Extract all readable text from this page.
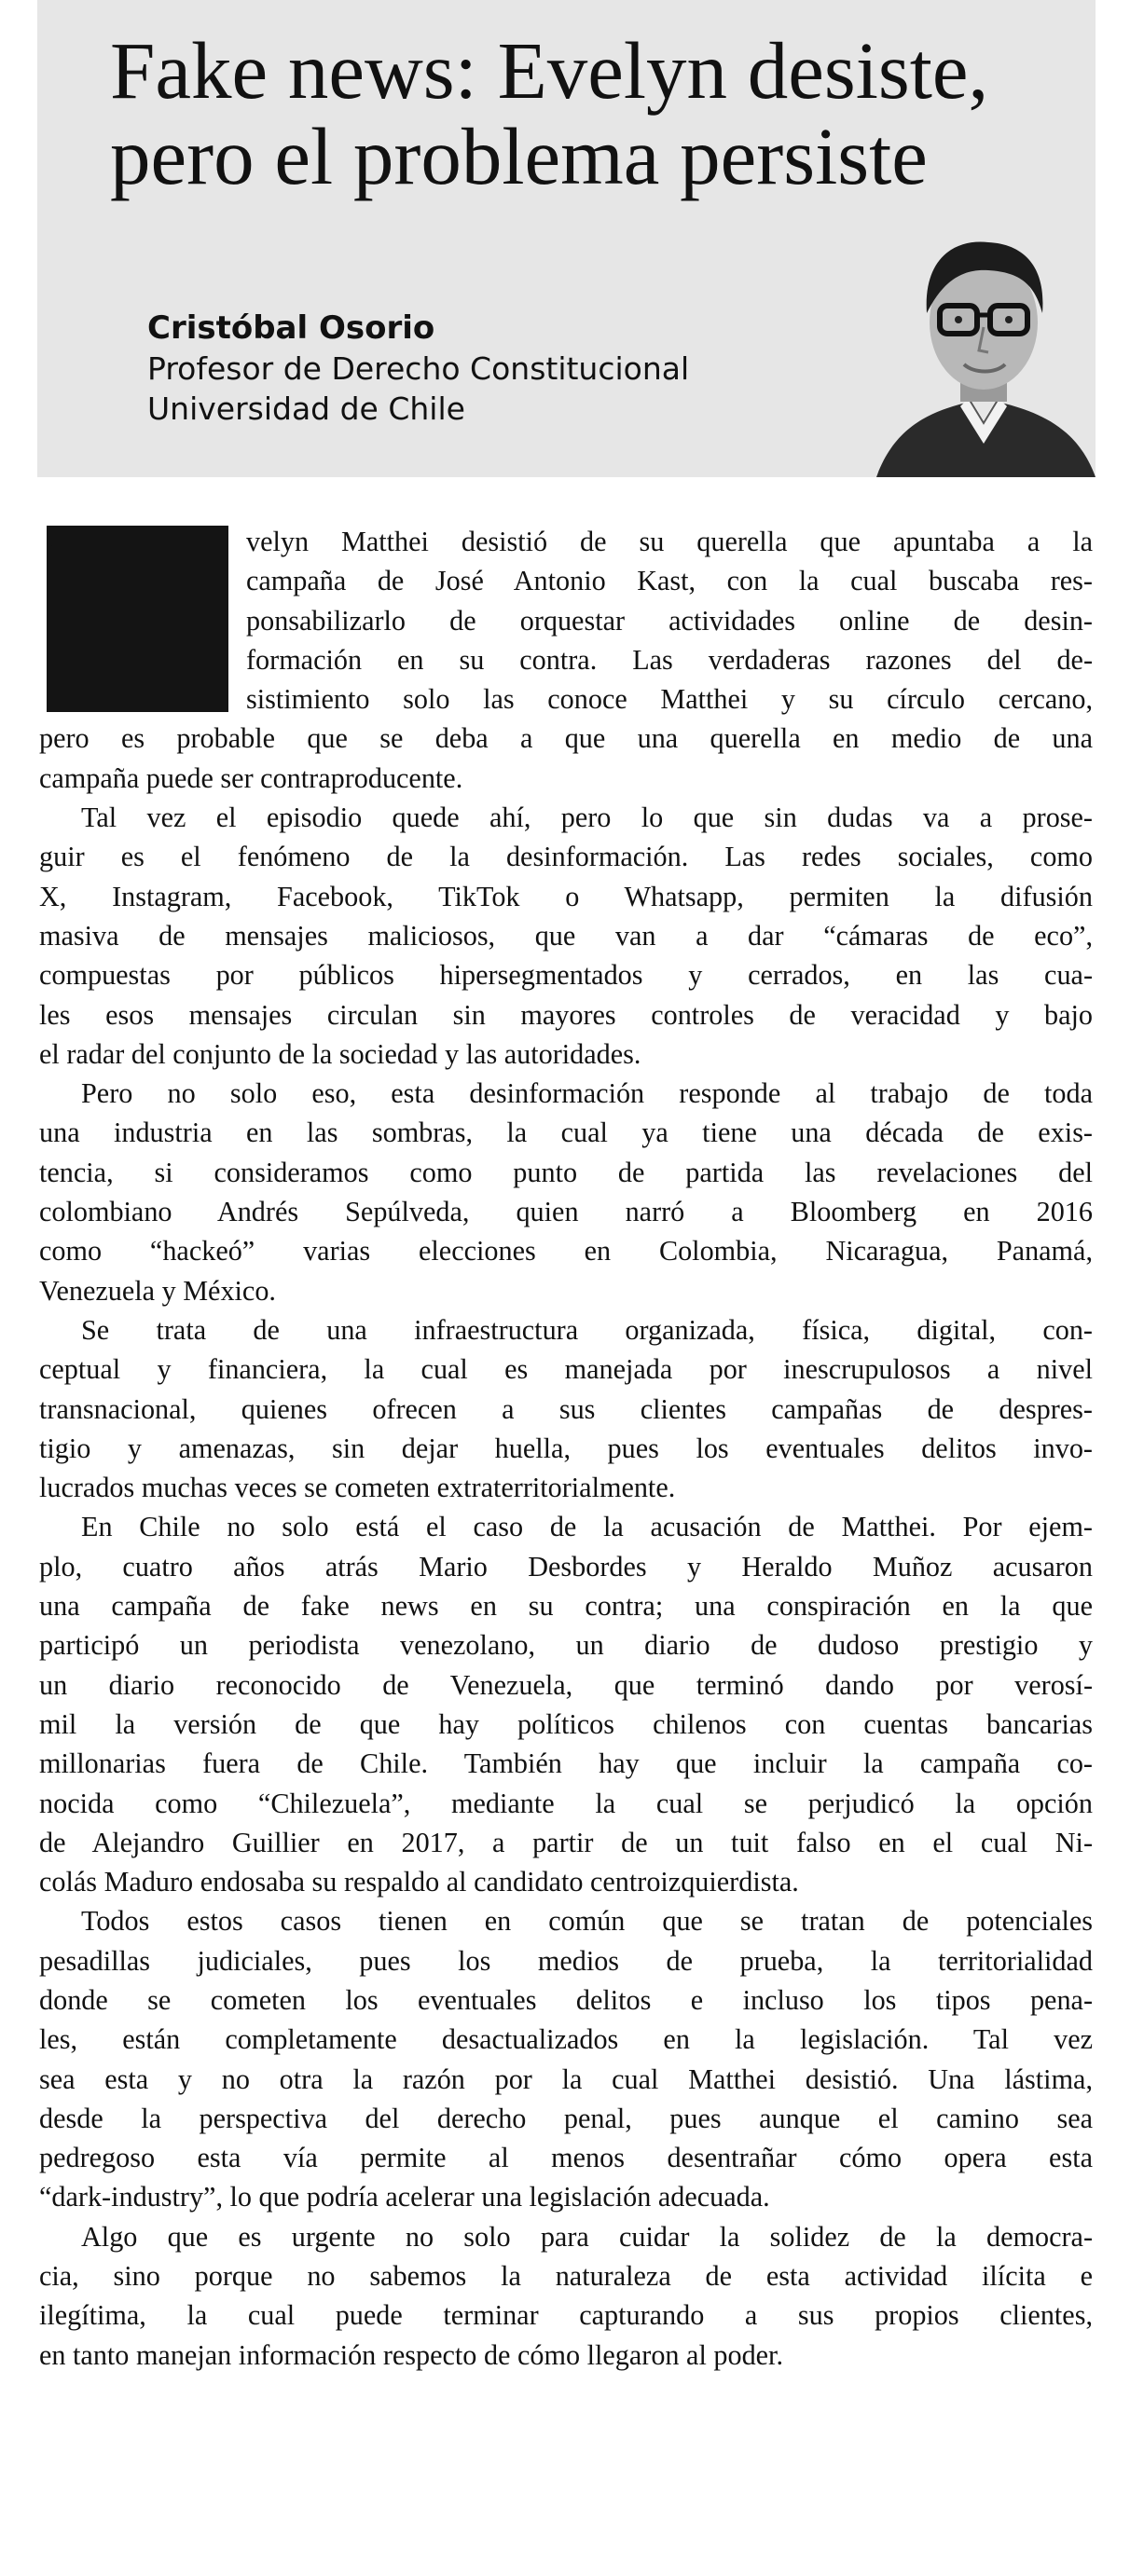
Fake news: Evelyn desiste,
pero el problema persiste
Cristóbal Osorio
Profesor de Derecho Constitucional
Universidad de Chile

E	velyn Matthei desistió de su querella que apuntaba a la
campaña de José Antonio Kast, con la cual buscaba res-
ponsabilizarlo de orquestar actividades online de desin-
formación en su contra. Las verdaderas razones del de-
sistimiento solo las conoce Matthei y su círculo cercano,
pero es probable que se deba a que una querella en medio de una
campaña puede ser contraproducente.

Tal vez el episodio quede ahí, pero lo que sin dudas va a prose-
guir es el fenómeno de la desinformación. Las redes sociales, como
X, Instagram, Facebook, TikTok o Whatsapp, permiten la difusión
masiva de mensajes maliciosos, que van a dar “cámaras de eco”,
compuestas por públicos hipersegmentados y cerrados, en las cua-
les esos mensajes circulan sin mayores controles de veracidad y bajo
el radar del conjunto de la sociedad y las autoridades.

Pero no solo eso, esta desinformación responde al trabajo de toda
una industria en las sombras, la cual ya tiene una década de exis-
tencia, si consideramos como punto de partida las revelaciones del
colombiano Andrés Sepúlveda, quien narró a Bloomberg en 2016
como “hackeó” varias elecciones en Colombia, Nicaragua, Panamá,
Venezuela y México.

Se trata de una infraestructura organizada, física, digital, con-
ceptual y financiera, la cual es manejada por inescrupulosos a nivel
transnacional, quienes ofrecen a sus clientes campañas de despres-
tigio y amenazas, sin dejar huella, pues los eventuales delitos invo-
lucrados muchas veces se cometen extraterritorialmente.

En Chile no solo está el caso de la acusación de Matthei. Por ejem-
plo, cuatro años atrás Mario Desbordes y Heraldo Muñoz acusaron
una campaña de fake news en su contra; una conspiración en la que
participó un periodista venezolano, un diario de dudoso prestigio y
un diario reconocido de Venezuela, que terminó dando por verosí-
mil la versión de que hay políticos chilenos con cuentas bancarias
millonarias fuera de Chile. También hay que incluir la campaña co-
nocida como “Chilezuela”, mediante la cual se perjudicó la opción
de Alejandro Guillier en 2017, a partir de un tuit falso en el cual Ni-
colás Maduro endosaba su respaldo al candidato centroizquierdista.

Todos estos casos tienen en común que se tratan de potenciales
pesadillas judiciales, pues los medios de prueba, la territorialidad
donde se cometen los eventuales delitos e incluso los tipos pena-
les, están completamente desactualizados en la legislación. Tal vez
sea esta y no otra la razón por la cual Matthei desistió. Una lástima,
desde la perspectiva del derecho penal, pues aunque el camino sea
pedregoso esta vía permite al menos desentrañar cómo opera esta
“dark-industry”, lo que podría acelerar una legislación adecuada.

Algo que es urgente no solo para cuidar la solidez de la democra-
cia, sino porque no sabemos la naturaleza de esta actividad ilícita e
ilegítima, la cual puede terminar capturando a sus propios clientes,
en tanto manejan información respecto de cómo llegaron al poder.
